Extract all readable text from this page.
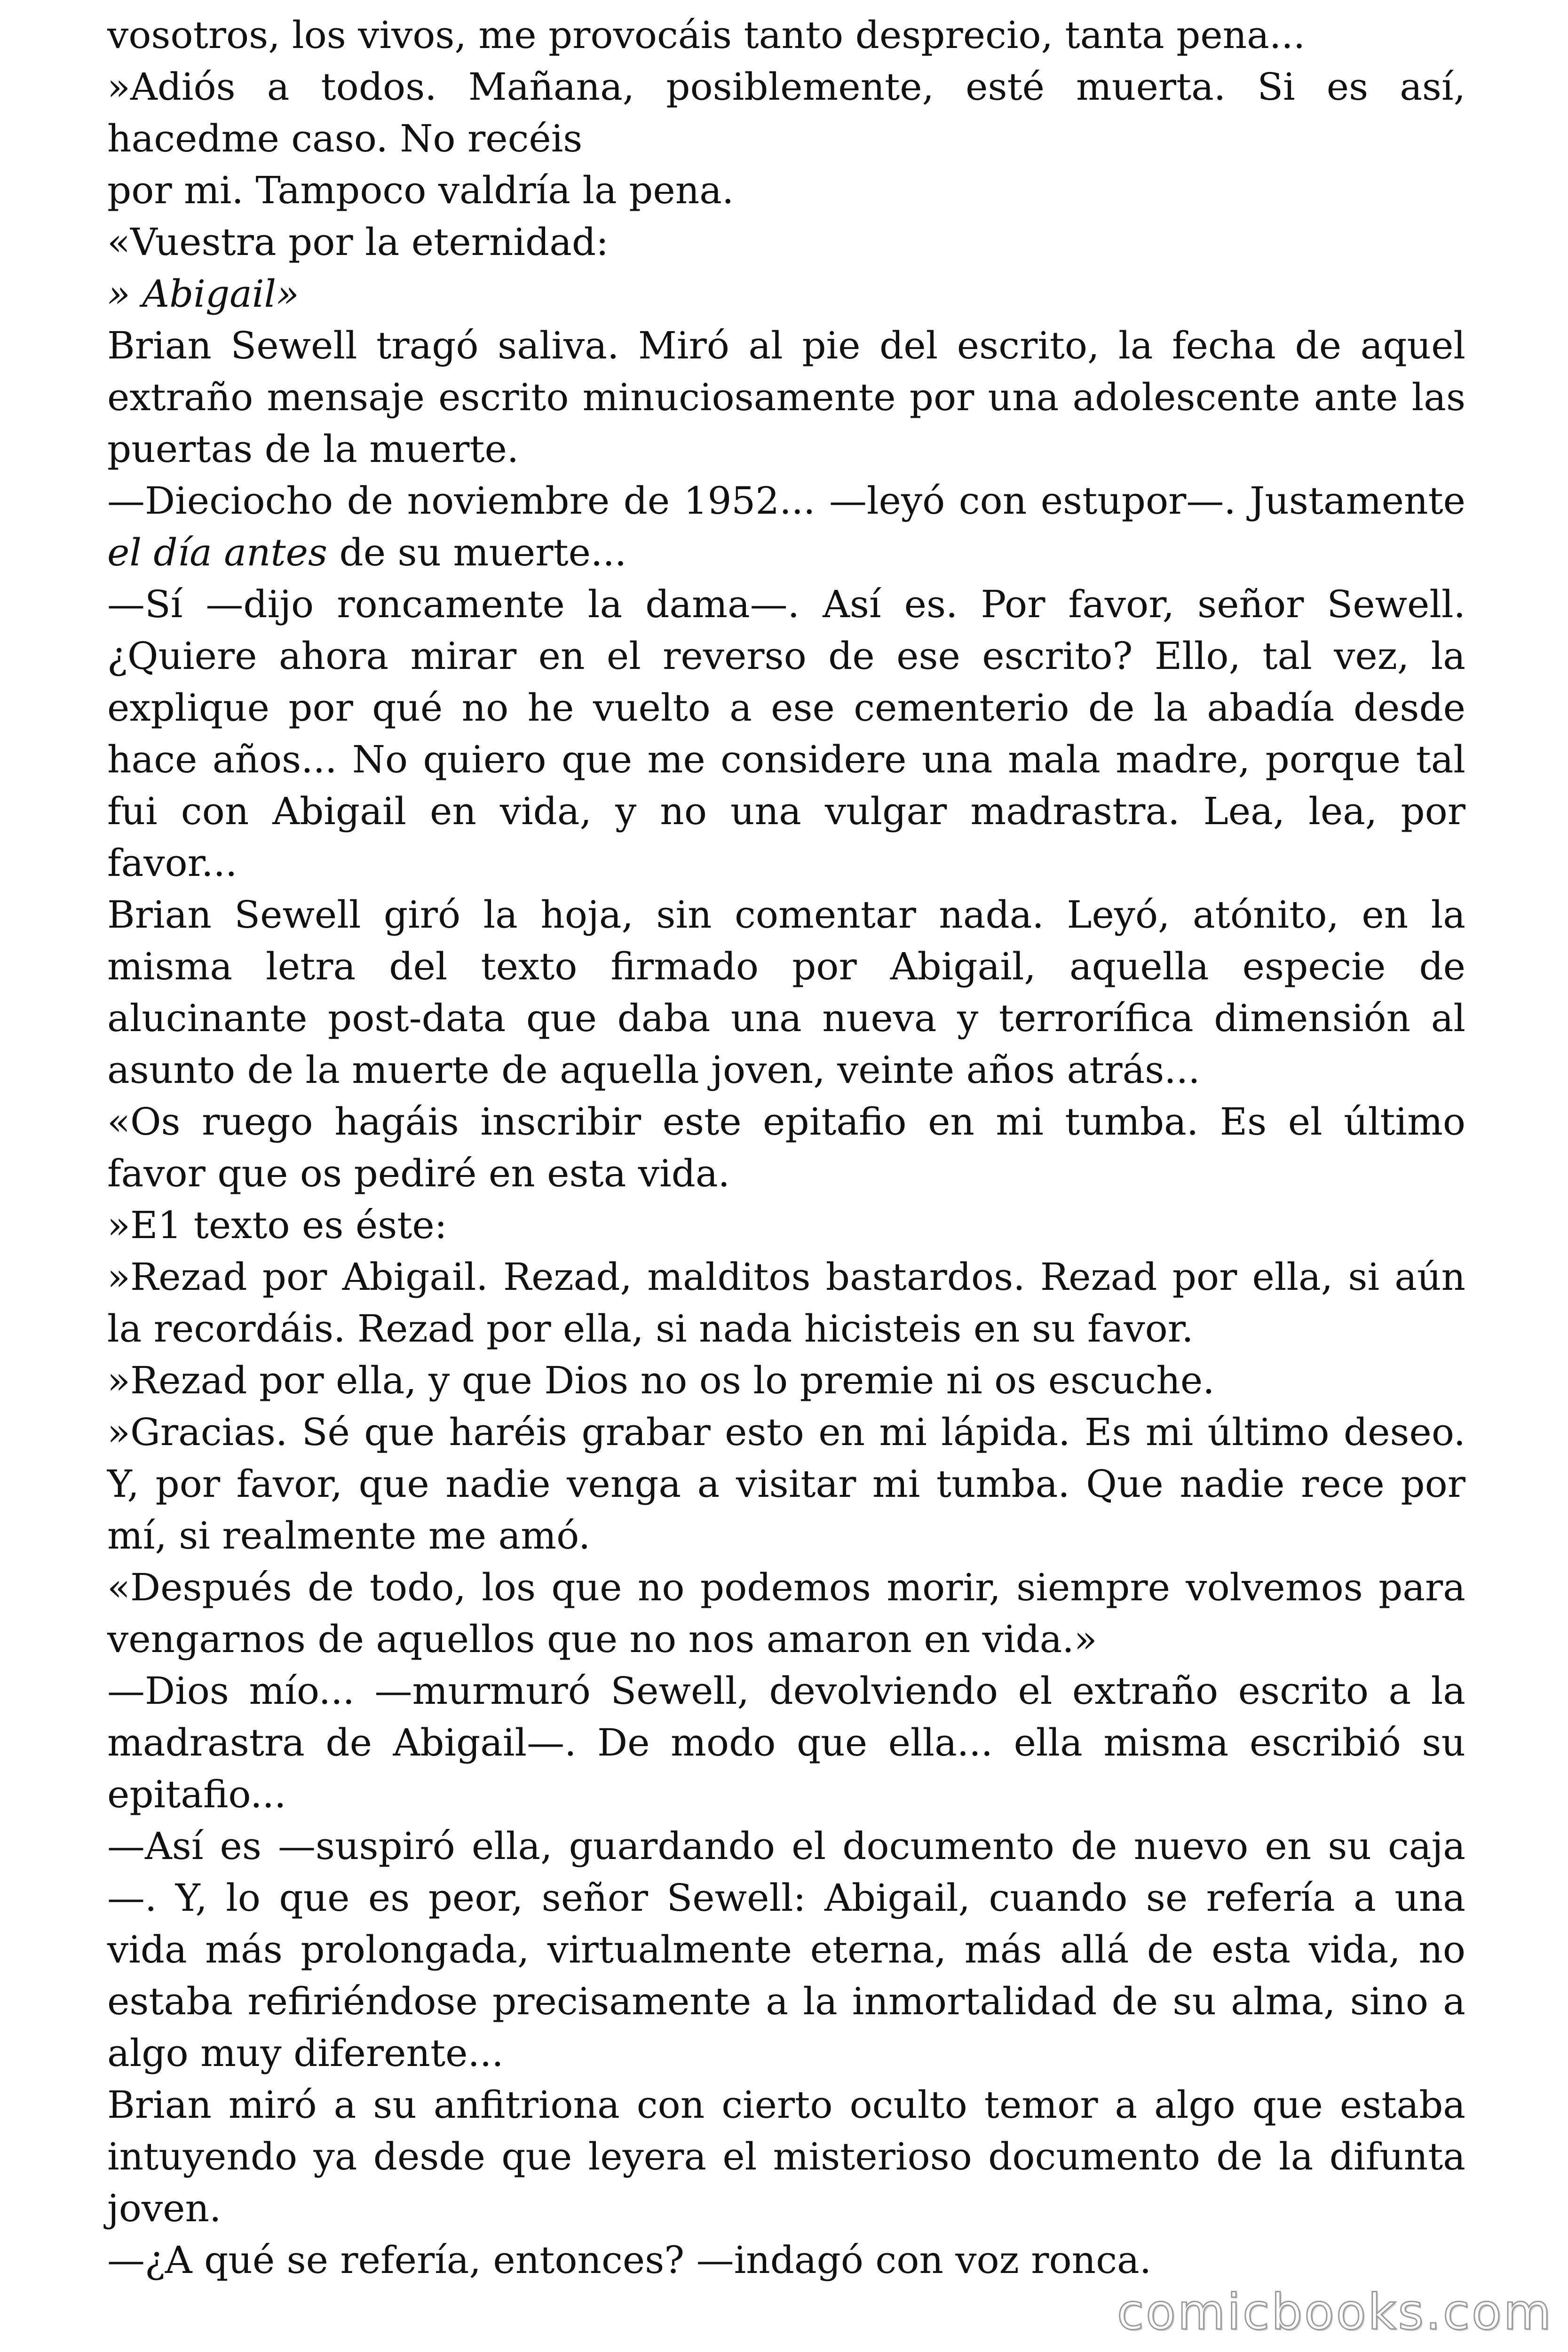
vosotros, los vivos, me provocáis tanto desprecio, tanta pena...

»Adiós a todos. Mañana, posiblemente, esté muerta. Si es así, hacedme caso. No recéis

por mi. Tampoco valdría la pena.

«Vuestra por la eternidad:

» Abigail»

Brian Sewell tragó saliva. Miró al pie del escrito, la fecha de aquel extraño mensaje escrito minuciosamente por una adolescente ante las puertas de la muerte.

—Dieciocho de noviembre de 1952... —leyó con estupor—. Justamente el día antes de su muerte...

—Sí —dijo roncamente la dama—. Así es. Por favor, señor Sewell. ¿Quiere ahora mirar en el reverso de ese escrito? Ello, tal vez, la explique por qué no he vuelto a ese cementerio de la abadía desde hace años... No quiero que me considere una mala madre, porque tal fui con Abigail en vida, y no una vulgar madrastra. Lea, lea, por favor...

Brian Sewell giró la hoja, sin comentar nada. Leyó, atónito, en la misma letra del texto firmado por Abigail, aquella especie de alucinante post-data que daba una nueva y terrorífica dimensión al asunto de la muerte de aquella joven, veinte años atrás...

«Os ruego hagáis inscribir este epitafio en mi tumba. Es el último favor que os pediré en esta vida.

»E1 texto es éste:

»Rezad por Abigail. Rezad, malditos bastardos. Rezad por ella, si aún la recordáis. Rezad por ella, si nada hicisteis en su favor.

»Rezad por ella, y que Dios no os lo premie ni os escuche.

»Gracias. Sé que haréis grabar esto en mi lápida. Es mi último deseo. Y, por favor, que nadie venga a visitar mi tumba. Que nadie rece por mí, si realmente me amó.

«Después de todo, los que no podemos morir, siempre volvemos para vengarnos de aquellos que no nos amaron en vida.»

—Dios mío... —murmuró Sewell, devolviendo el extraño escrito a la madrastra de Abigail—. De modo que ella... ella misma escribió su epitafio...

—Así es —suspiró ella, guardando el documento de nuevo en su caja —. Y, lo que es peor, señor Sewell: Abigail, cuando se refería a una vida más prolongada, virtualmente eterna, más allá de esta vida, no estaba refiriéndose precisamente a la inmortalidad de su alma, sino a algo muy diferente...

Brian miró a su anfitriona con cierto oculto temor a algo que estaba intuyendo ya desde que leyera el misterioso documento de la difunta joven.

—¿A qué se refería, entonces? —indagó con voz ronca.

comicbooks.com
